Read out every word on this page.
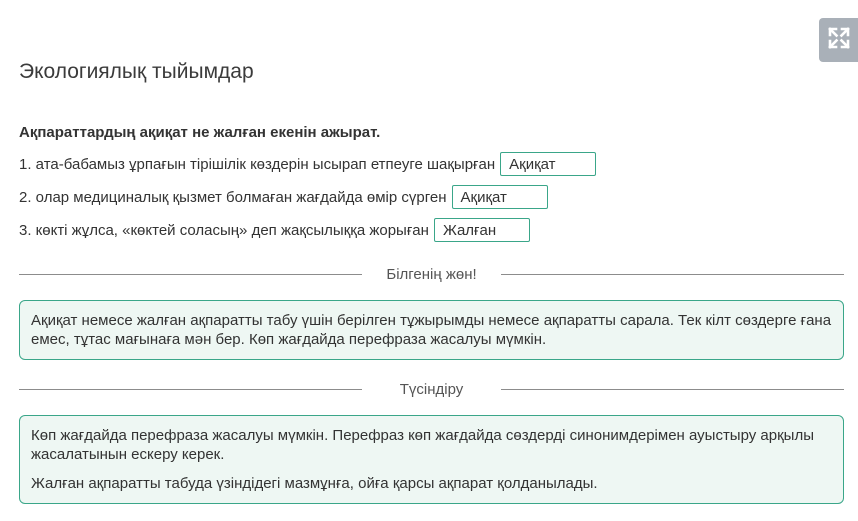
Экологиялық тыйымдар
Ақпараттардың ақиқат не жалған екенін ажырат.
1. ата-бабамыз ұрпағын тірішілік көздерін ысырап етпеуге шақырған Ақиқат
2. олар медициналық қызмет болмаған жағдайда өмір сүрген Ақиқат
3. көкті жұлса, «көктей соласың» деп жақсылыққа жорыған Жалған
Білгенің жөн!

Ақиқат немесе жалған ақпаратты табу үшін берілген тұжырымды немесе ақпаратты сарала. Тек кілт сөздерге ғана емес, тұтас мағынаға мән бер. Көп жағдайда перефраза жасалуы мүмкін.

Түсіндіру

Көп жағдайда перефраза жасалуы мүмкін. Перефраз көп жағдайда сөздерді синонимдерімен ауыстыру арқылы жасалатынын ескеру керек.

Жалған ақпаратты табуда үзіндідегі мазмұнға, ойға қарсы ақпарат қолданылады.
